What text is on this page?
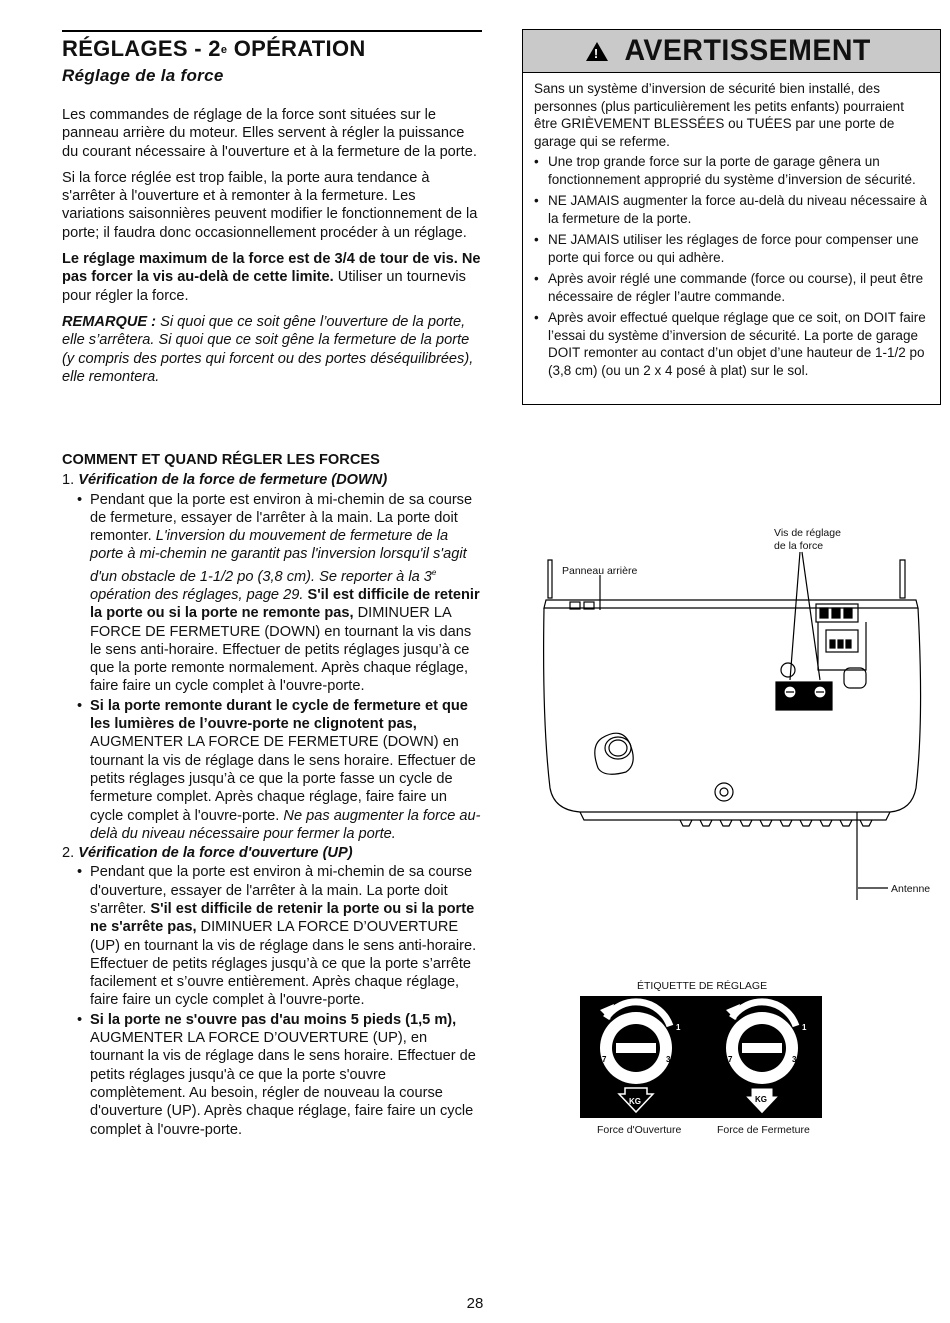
RÉGLAGES - 2e OPÉRATION
Réglage de la force

Les commandes de réglage de la force sont situées sur le panneau arrière du moteur. Elles servent à régler la puissance du courant nécessaire à l'ouverture et à la fermeture de la porte.

Si la force réglée est trop faible, la porte aura tendance à s'arrêter à l'ouverture et à remonter à la fermeture. Les variations saisonnières peuvent modifier le fonctionnement de la porte; il faudra donc occasionnellement procéder à un réglage.

Le réglage maximum de la force est de 3/4 de tour de vis. Ne pas forcer la vis au-delà de cette limite. Utiliser un tournevis pour régler la force.

REMARQUE : Si quoi que ce soit gêne l’ouverture de la porte, elle s’arrêtera. Si quoi que ce soit gêne la fermeture de la porte (y compris des portes qui forcent ou des portes déséquilibrées), elle remontera.

COMMENT ET QUAND RÉGLER LES FORCES
1. Vérification de la force de fermeture (DOWN)
• Pendant que la porte est environ à mi-chemin de sa course de fermeture, essayer de l'arrêter à la main. La porte doit remonter. L'inversion du mouvement de fermeture de la porte à mi-chemin ne garantit pas l'inversion lorsqu'il s'agit d'un obstacle de 1-1/2 po (3,8 cm). Se reporter à la 3e opération des réglages, page 29. S'il est difficile de retenir la porte ou si la porte ne remonte pas, DIMINUER LA FORCE DE FERMETURE (DOWN) en tournant la vis dans le sens anti-horaire. Effectuer de petits réglages jusqu’à ce que la porte remonte normalement. Après chaque réglage, faire faire un cycle complet à l'ouvre-porte.
• Si la porte remonte durant le cycle de fermeture et que les lumières de l’ouvre-porte ne clignotent pas, AUGMENTER LA FORCE DE FERMETURE (DOWN) en tournant la vis de réglage dans le sens horaire. Effectuer de petits réglages jusqu’à ce que la porte fasse un cycle de fermeture complet. Après chaque réglage, faire faire un cycle complet à l'ouvre-porte. Ne pas augmenter la force au-delà du niveau nécessaire pour fermer la porte.
2. Vérification de la force d'ouverture (UP)
• Pendant que la porte est environ à mi-chemin de sa course d'ouverture, essayer de l'arrêter à la main. La porte doit s'arrêter. S'il est difficile de retenir la porte ou si la porte ne s'arrête pas, DIMINUER LA FORCE D’OUVERTURE (UP) en tournant la vis de réglage dans le sens anti-horaire. Effectuer de petits réglages jusqu’à ce que la porte s’arrête facilement et s’ouvre entièrement. Après chaque réglage, faire faire un cycle complet à l'ouvre-porte.
• Si la porte ne s'ouvre pas d'au moins 5 pieds (1,5 m), AUGMENTER LA FORCE D’OUVERTURE (UP), en tournant la vis de réglage dans le sens horaire. Effectuer de petits réglages jusqu'à ce que la porte s'ouvre complètement. Au besoin, régler de nouveau la course d'ouverture (UP). Après chaque réglage, faire faire un cycle complet à l'ouvre-porte.
! AVERTISSEMENT

Sans un système d’inversion de sécurité bien installé, des personnes (plus particulièrement les petits enfants) pourraient être GRIÈVEMENT BLESSÉES ou TUÉES par une porte de garage qui se referme.

• Une trop grande force sur la porte de garage gênera un fonctionnement approprié du système d’inversion de sécurité.
• NE JAMAIS augmenter la force au-delà du niveau nécessaire à la fermeture de la porte.
• NE JAMAIS utiliser les réglages de force pour compenser une porte qui force ou qui adhère.
• Après avoir réglé une commande (force ou course), il peut être nécessaire de régler l’autre commande.
• Après avoir effectué quelque réglage que ce soit, on DOIT faire l’essai du système d’inversion de sécurité. La porte de garage DOIT remonter au contact d’un objet d’une hauteur de 1-1/2 po (3,8 cm) (ou un 2 x 4 posé à plat) sur le sol.
Panneau arrière
Vis de réglage
de la force
Antenne
ÉTIQUETTE DE RÉGLAGE
9	1
7	3
5
9	1
7	3
5
KG	KG
Force d'Ouverture	Force de Fermeture
28
